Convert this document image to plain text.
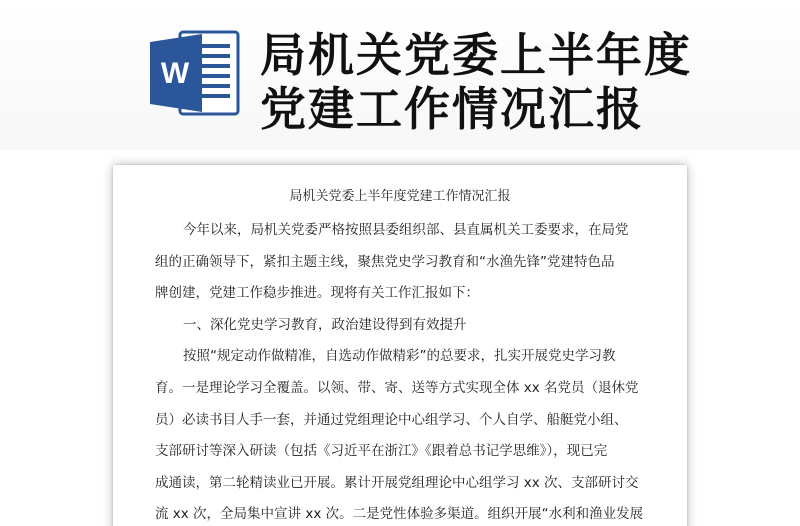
W 局机关党委上半年度
党建工作情况汇报
局机关党委上半年度党建工作情况汇报
今年以来，局机关党委严格按照县委组织部、县直属机关工委要求，在局党
组的正确领导下，紧扣主题主线，聚焦党史学习教育和“水渔先锋”党建特色品
牌创建，党建工作稳步推进。现将有关工作汇报如下：
一、深化党史学习教育，政治建设得到有效提升
按照“规定动作做精准，自选动作做精彩”的总要求，扎实开展党史学习教
育。一是理论学习全覆盖。以领、带、寄、送等方式实现全体 xx 名党员（退休党
员）必读书目人手一套，并通过党组理论中心组学习、个人自学、船艇党小组、
支部研讨等深入研读（包括《习近平在浙江》《跟着总书记学思维》），现已完
成通读，第二轮精读业已开展。累计开展党组理论中心组学习 xx 次、支部研讨交
流 xx 次，全局集中宣讲 xx 次。二是党性体验多渠道。组织开展“水利和渔业发展
